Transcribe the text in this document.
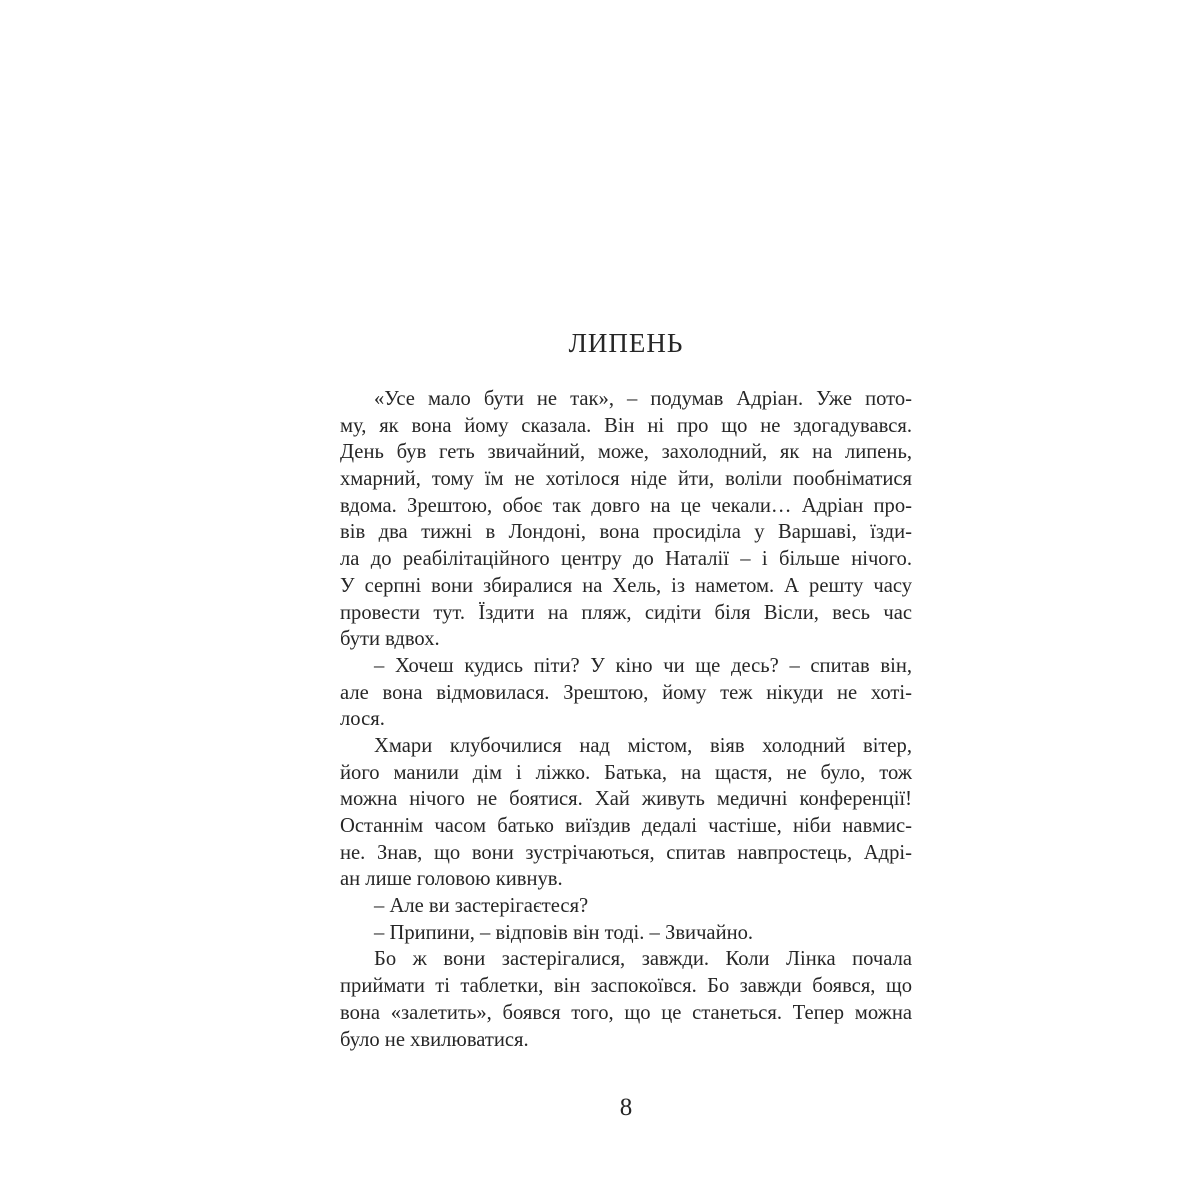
ЛИПЕНЬ
«Усе мало бути не так», – подумав Адріан. Уже пото-
му, як вона йому сказала. Він ні про що не здогадувався.
День був геть звичайний, може, захолодний, як на липень,
хмарний, тому їм не хотілося ніде йти, воліли пообніматися
вдома. Зрештою, обоє так довго на це чекали… Адріан про-
вів два тижні в Лондоні, вона просиділа у Варшаві, їзди-
ла до реабілітаційного центру до Наталії – і більше нічого.
У серпні вони збиралися на Хель, із наметом. А решту часу
провести тут. Їздити на пляж, сидіти біля Вісли, весь час
бути вдвох.
– Хочеш кудись піти? У кіно чи ще десь? – спитав він,
але вона відмовилася. Зрештою, йому теж нікуди не хоті-
лося.
Хмари клубочилися над містом, віяв холодний вітер,
його манили дім і ліжко. Батька, на щастя, не було, тож
можна нічого не боятися. Хай живуть медичні конференції!
Останнім часом батько виїздив дедалі частіше, ніби навмис-
не. Знав, що вони зустрічаються, спитав навпростець, Адрі-
ан лише головою кивнув.
– Але ви застерігаєтеся?
– Припини, – відповів він тоді. – Звичайно.
Бо ж вони застерігалися, завжди. Коли Лінка почала
приймати ті таблетки, він заспокоївся. Бо завжди боявся, що
вона «залетить», боявся того, що це станеться. Тепер можна
було не хвилюватися.
8
